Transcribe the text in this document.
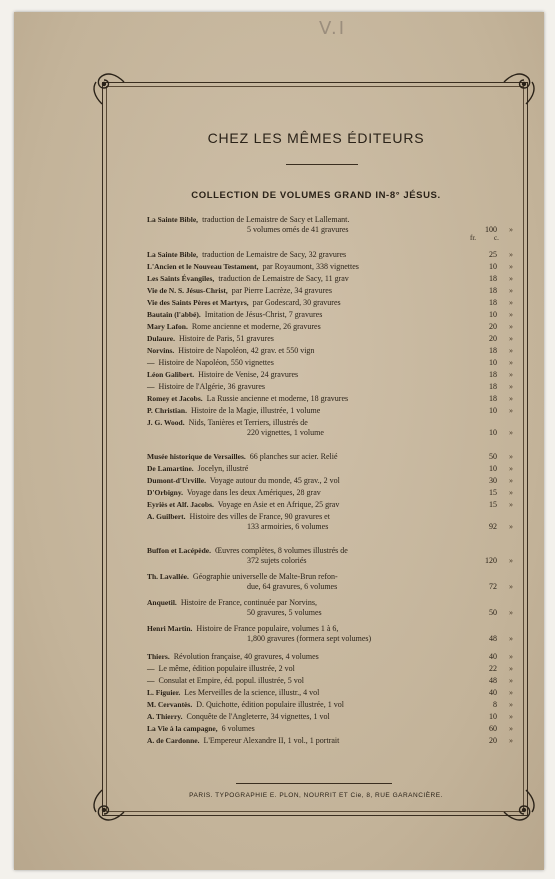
V.I
CHEZ LES MÊMES ÉDITEURS
COLLECTION DE VOLUMES GRAND IN-8° JÉSUS.
fr.	c.
La Sainte Bible, traduction de Lemaistre de Sacy et Lallemant.
5 volumes ornés de 41 gravures	100	»
La Sainte Bible, traduction de Lemaistre de Sacy, 32 gravures	25	»
L'Ancien et le Nouveau Testament, par Royaumont, 338 vignettes	10	»
Les Saints Évangiles, traduction de Lemaistre de Sacy, 11 grav	18	»
Vie de N. S. Jésus-Christ, par Pierre Lacrèze, 34 gravures	18	»
Vie des Saints Pères et Martyrs, par Godescard, 30 gravures	18	»
Bautain (l'abbé). Imitation de Jésus-Christ, 7 gravures	10	»
Mary Lafon. Rome ancienne et moderne, 26 gravures	20	»
Dulaure. Histoire de Paris, 51 gravures	20	»
Norvins. Histoire de Napoléon, 42 grav. et 550 vign	18	»
— Histoire de Napoléon, 550 vignettes	10	»
Léon Galibert. Histoire de Venise, 24 gravures	18	»
— Histoire de l'Algérie, 36 gravures	18	»
Romey et Jacobs. La Russie ancienne et moderne, 18 gravures	18	»
P. Christian. Histoire de la Magie, illustrée, 1 volume	10	»
J. G. Wood. Nids, Tanières et Terriers, illustrés de
220 vignettes, 1 volume	10	»
Musée historique de Versailles. 66 planches sur acier. Relié	50	»
De Lamartine. Jocelyn, illustré	10	»
Dumont-d'Urville. Voyage autour du monde, 45 grav., 2 vol	30	»
D'Orbigny. Voyage dans les deux Amériques, 28 grav	15	»
Eyriès et Alf. Jacobs. Voyage en Asie et en Afrique, 25 grav	15	»
A. Guilbert. Histoire des villes de France, 90 gravures et
133 armoiries, 6 volumes	92	»
Buffon et Lacépède. Œuvres complètes, 8 volumes illustrés de
372 sujets coloriés	120	»
Th. Lavallée. Géographie universelle de Malte-Brun refon-
due, 64 gravures, 6 volumes	72	»
Anquetil. Histoire de France, continuée par Norvins,
50 gravures, 5 volumes	50	»
Henri Martin. Histoire de France populaire, volumes 1 à 6,
1,800 gravures (formera sept volumes)	48	»
Thiers. Révolution française, 40 gravures, 4 volumes	40	»
— Le même, édition populaire illustrée, 2 vol	22	»
— Consulat et Empire, éd. popul. illustrée, 5 vol	48	»
L. Figuier. Les Merveilles de la science, illustr., 4 vol	40	»
M. Cervantès. D. Quichotte, édition populaire illustrée, 1 vol	8	»
A. Thierry. Conquête de l'Angleterre, 34 vignettes, 1 vol	10	»
La Vie à la campagne, 6 volumes	60	»
A. de Cardonne. L'Empereur Alexandre II, 1 vol., 1 portrait	20	»
PARIS. TYPOGRAPHIE E. PLON, NOURRIT ET Cie, 8, RUE GARANCIÈRE.
